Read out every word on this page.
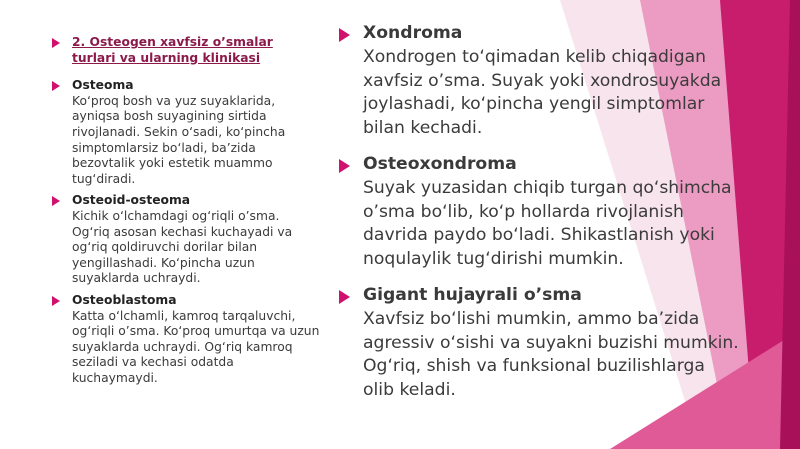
2. Osteogen xavfsiz o’smalar turlari va ularning klinikasi
Osteoma
Ko‘proq bosh va yuz suyaklarida, ayniqsa bosh suyagining sirtida rivojlanadi. Sekin o‘sadi, ko‘pincha simptomlarsiz bo‘ladi, ba’zida bezovtalik yoki estetik muammo tug‘diradi.
Osteoid-osteoma
Kichik o‘lchamdagi og‘riqli o’sma. Og‘riq asosan kechasi kuchayadi va og‘riq qoldiruvchi dorilar bilan yengillashadi. Ko‘pincha uzun suyaklarda uchraydi.
Osteoblastoma
Katta o‘lchamli, kamroq tarqaluvchi, og‘riqli o’sma. Ko‘proq umurtqa va uzun suyaklarda uchraydi. Og‘riq kamroq seziladi va kechasi odatda kuchaymaydi.
Xondroma
Xondrogen to‘qimadan kelib chiqadigan xavfsiz o’sma. Suyak yoki xondrosuyakda joylashadi, ko‘pincha yengil simptomlar bilan kechadi.
Osteoxondroma
Suyak yuzasidan chiqib turgan qo‘shimcha o’sma bo‘lib, ko‘p hollarda rivojlanish davrida paydo bo‘ladi. Shikastlanish yoki noqulaylik tug‘dirishi mumkin.
Gigant hujayrali o’sma
Xavfsiz bo‘lishi mumkin, ammo ba’zida agressiv o‘sishi va suyakni buzishi mumkin. Og‘riq, shish va funksional buzilishlarga olib keladi.
